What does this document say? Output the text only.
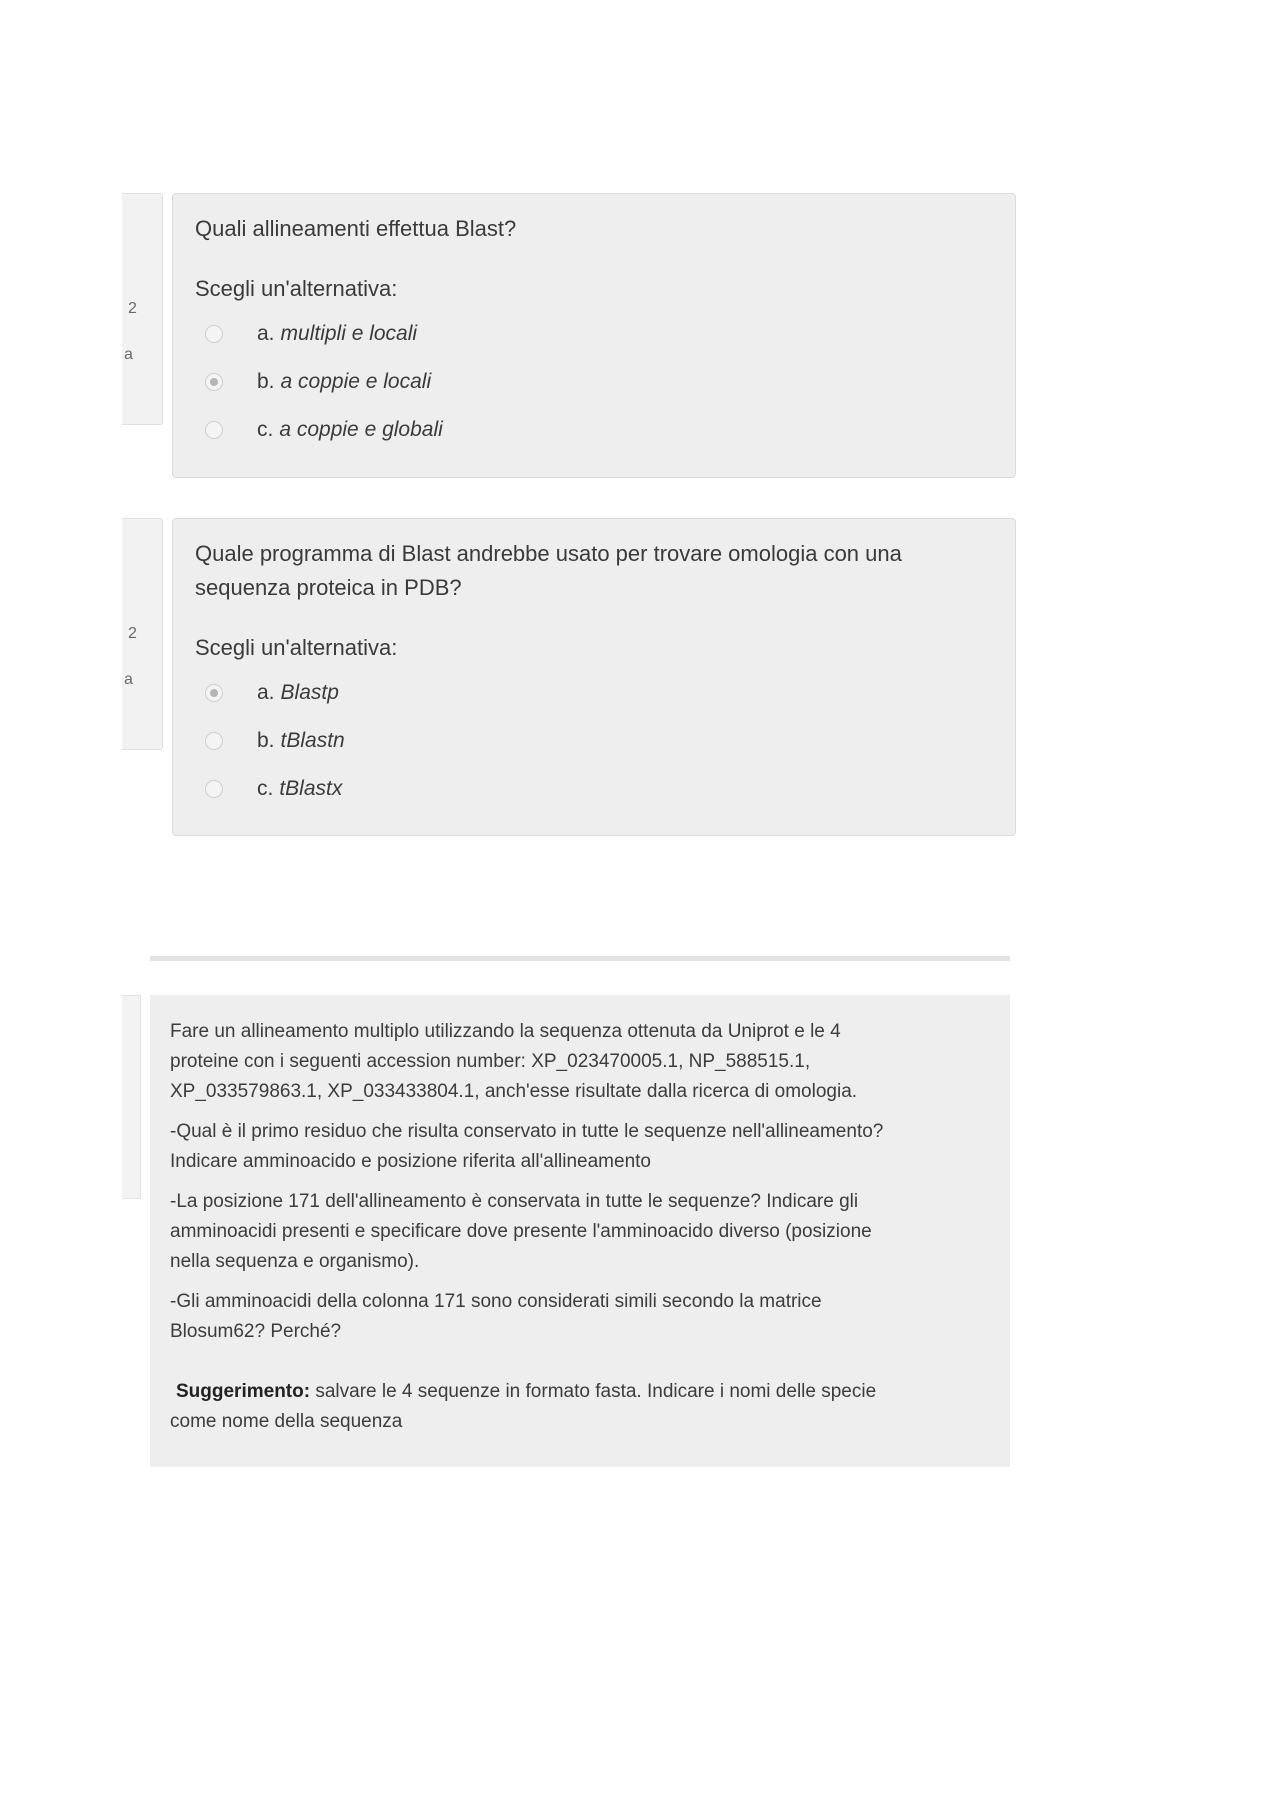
2
a

Quali allineamenti effettua Blast?

Scegli un'alternativa:
a. multipli e locali
b. a coppie e locali
c. a coppie e globali
2
a

Quale programma di Blast andrebbe usato per trovare omologia con una

sequenza proteica in PDB?

Scegli un'alternativa:
a. Blastp
b. tBlastn
c. tBlastx

Fare un allineamento multiplo utilizzando la sequenza ottenuta da Uniprot e le 4
proteine con i seguenti accession number: XP_023470005.1, NP_588515.1,
XP_033579863.1, XP_033433804.1, anch'esse risultate dalla ricerca di omologia.

-Qual è il primo residuo che risulta conservato in tutte le sequenze nell'allineamento?
Indicare amminoacido e posizione riferita all'allineamento

-La posizione 171 dell'allineamento è conservata in tutte le sequenze? Indicare gli
amminoacidi presenti e specificare dove presente l'amminoacido diverso (posizione
nella sequenza e organismo).

-Gli amminoacidi della colonna 171 sono considerati simili secondo la matrice
Blosum62? Perché?

Suggerimento: salvare le 4 sequenze in formato fasta. Indicare i nomi delle specie
come nome della sequenza
